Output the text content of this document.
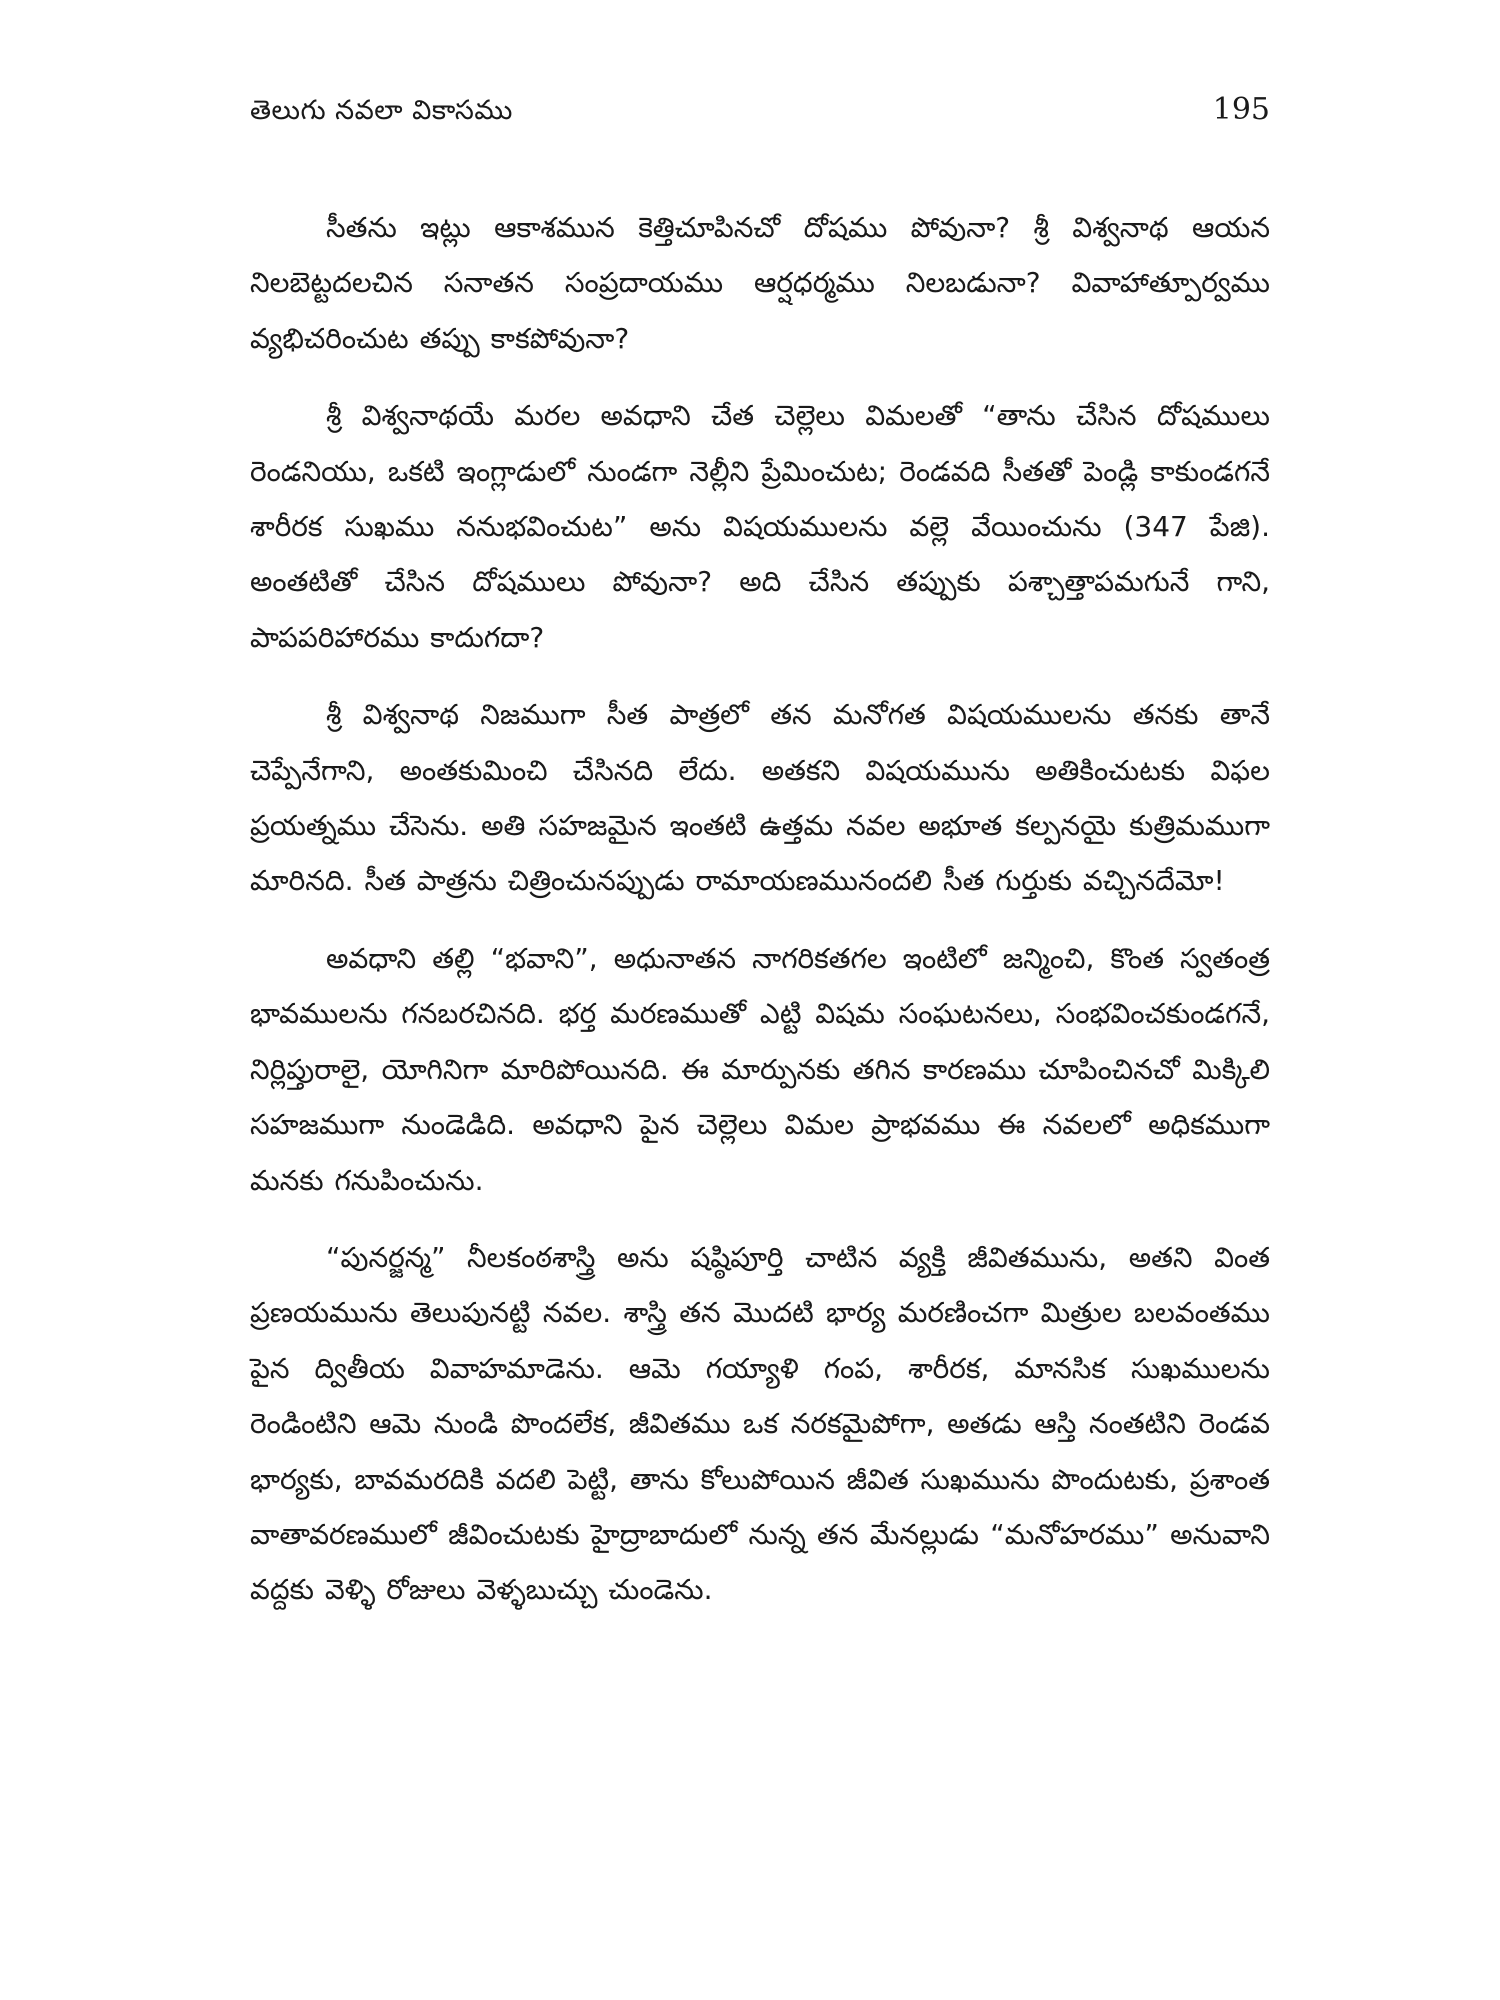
తెలుగు నవలా వికాసము	195

సీతను ఇట్లు ఆకాశమున కెత్తిచూపినచో దోషము పోవునా? శ్రీ విశ్వనాథ ఆయన నిలబెట్టదలచిన సనాతన సంప్రదాయము ఆర్షధర్మము నిలబడునా? వివాహాత్పూర్వము వ్యభిచరించుట తప్పు కాకపోవునా?

శ్రీ విశ్వనాథయే మరల అవధాని చేత చెల్లెలు విమలతో “తాను చేసిన దోషములు రెండనియు, ఒకటి ఇంగ్లాడులో నుండగా నెల్లీని ప్రేమించుట; రెండవది సీతతో పెండ్లి కాకుండగనే శారీరక సుఖము ననుభవించుట” అను విషయములను వల్లె వేయించును (347 పేజి). అంతటితో చేసిన దోషములు పోవునా? అది చేసిన తప్పుకు పశ్చాత్తాపమగునే గాని, పాపపరిహారము కాదుగదా?

శ్రీ విశ్వనాథ నిజముగా సీత పాత్రలో తన మనోగత విషయములను తనకు తానే చెప్పేనేగాని, అంతకుమించి చేసినది లేదు. అతకని విషయమును అతికించుటకు విఫల ప్రయత్నము చేసెను. అతి సహజమైన ఇంతటి ఉత్తమ నవల అభూత కల్పనయై కుత్రిమముగా మారినది. సీత పాత్రను చిత్రించునప్పుడు రామాయణమునందలి సీత గుర్తుకు వచ్చినదేమో!

అవధాని తల్లి “భవాని”, అధునాతన నాగరికతగల ఇంటిలో జన్మించి, కొంత స్వతంత్ర భావములను గనబరచినది. భర్త మరణముతో ఎట్టి విషమ సంఘటనలు, సంభవించకుండగనే, నిర్లిప్తురాలై, యోగినిగా మారిపోయినది. ఈ మార్పునకు తగిన కారణము చూపించినచో మిక్కిలి సహజముగా నుండెడిది. అవధాని పైన చెల్లెలు విమల ప్రాభవము ఈ నవలలో అధికముగా మనకు గనుపించును.

“పునర్జన్మ” నీలకంఠశాస్త్రి అను షష్ఠిపూర్తి చాటిన వ్యక్తి జీవితమును, అతని వింత ప్రణయమును తెలుపునట్టి నవల. శాస్త్రి తన మొదటి భార్య మరణించగా మిత్రుల బలవంతము పైన ద్వితీయ వివాహమాడెను. ఆమె గయ్యాళి గంప, శారీరక, మానసిక సుఖములను రెండింటిని ఆమె నుండి పొందలేక, జీవితము ఒక నరకమైపోగా, అతడు ఆస్తి నంతటిని రెండవ భార్యకు, బావమరదికి వదలి పెట్టి, తాను కోలుపోయిన జీవిత సుఖమును పొందుటకు, ప్రశాంత వాతావరణములో జీవించుటకు హైద్రాబాదులో నున్న తన మేనల్లుడు “మనోహరము” అనువాని వద్దకు వెళ్ళి రోజులు వెళ్ళబుచ్చు చుండెను.
